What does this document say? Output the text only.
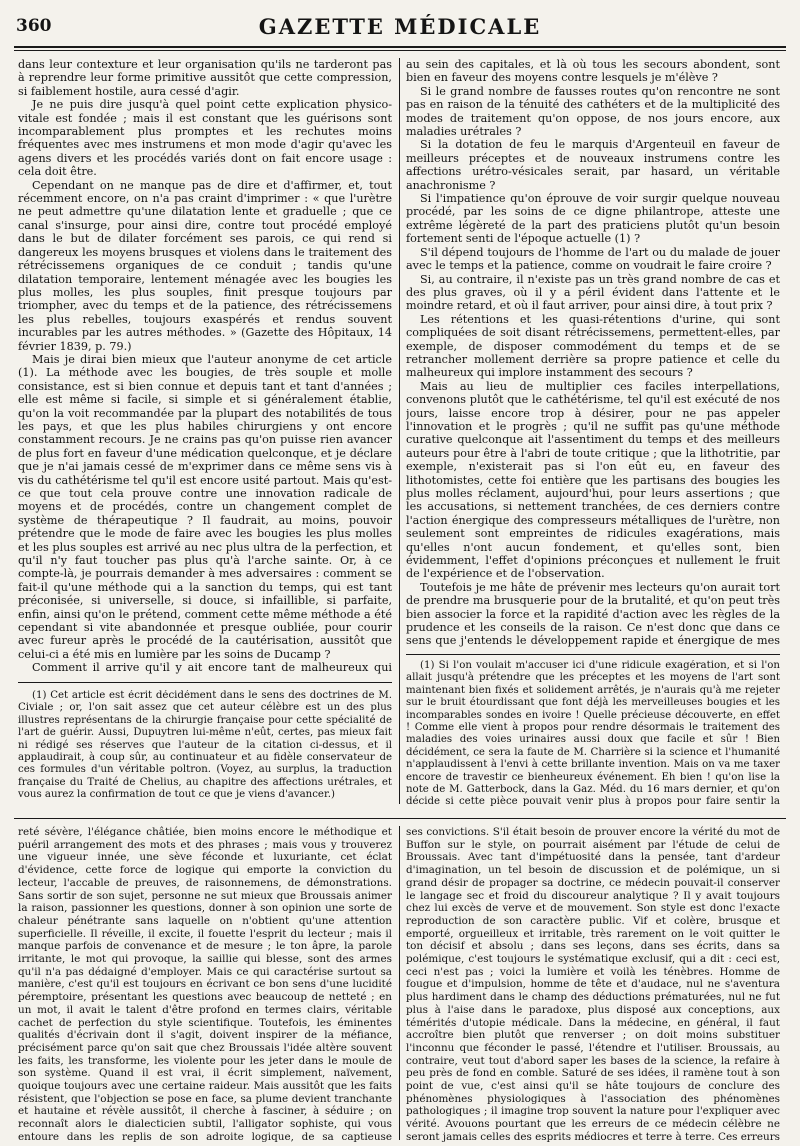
360	GAZETTE MÉDICALE

dans leur contexture et leur organisation qu'ils ne tarderont pas à reprendre leur forme primitive aussitôt que cette compression, si faiblement hostile, aura cessé d'agir.

Je ne puis dire jusqu'à quel point cette explication physico-vitale est fondée ; mais il est constant que les guérisons sont incomparablement plus promptes et les rechutes moins fréquentes avec mes instrumens et mon mode d'agir qu'avec les agens divers et les procédés variés dont on fait encore usage : cela doit être.

Cependant on ne manque pas de dire et d'affirmer, et, tout récemment encore, on n'a pas craint d'imprimer : « que l'urètre ne peut admettre qu'une dilatation lente et graduelle ; que ce canal s'insurge, pour ainsi dire, contre tout procédé employé dans le but de dilater forcément ses parois, ce qui rend si dangereux les moyens brusques et violens dans le traitement des rétrécissemens organiques de ce conduit ; tandis qu'une dilatation temporaire, lentement ménagée avec les bougies les plus molles, les plus souples, finit presque toujours par triompher, avec du temps et de la patience, des rétrécissemens les plus rebelles, toujours exaspérés et rendus souvent incurables par les autres méthodes. » (Gazette des Hôpitaux, 14 février 1839, p. 79.)

Mais je dirai bien mieux que l'auteur anonyme de cet article (1). La méthode avec les bougies, de très souple et molle consistance, est si bien connue et depuis tant et tant d'années ; elle est même si facile, si simple et si généralement établie, qu'on la voit recommandée par la plupart des notabilités de tous les pays, et que les plus habiles chirurgiens y ont encore constamment recours. Je ne crains pas qu'on puisse rien avancer de plus fort en faveur d'une médication quelconque, et je déclare que je n'ai jamais cessé de m'exprimer dans ce même sens vis à vis du cathétérisme tel qu'il est encore usité partout. Mais qu'est-ce que tout cela prouve contre une innovation radicale de moyens et de procédés, contre un changement complet de système de thérapeutique ? Il faudrait, au moins, pouvoir prétendre que le mode de faire avec les bougies les plus molles et les plus souples est arrivé au nec plus ultra de la perfection, et qu'il n'y faut toucher pas plus qu'à l'arche sainte. Or, à ce compte-là, je pourrais demander à mes adversaires : comment se fait-il qu'une méthode qui a la sanction du temps, qui est tant préconisée, si universelle, si douce, si infaillible, si parfaite, enfin, ainsi qu'on le prétend, comment cette même méthode a été cependant si vite abandonnée et presque oubliée, pour courir avec fureur après le procédé de la cautérisation, aussitôt que celui-ci a été mis en lumière par les soins de Ducamp ?

Comment il arrive qu'il y ait encore tant de malheureux qui

au sein des capitales, et là où tous les secours abondent, sont bien en faveur des moyens contre lesquels je m'élève ?

Si le grand nombre de fausses routes qu'on rencontre ne sont pas en raison de la ténuité des cathéters et de la multiplicité des modes de traitement qu'on oppose, de nos jours encore, aux maladies urétrales ?

Si la dotation de feu le marquis d'Argenteuil en faveur de meilleurs préceptes et de nouveaux instrumens contre les affections urétro-vésicales serait, par hasard, un véritable anachronisme ?

Si l'impatience qu'on éprouve de voir surgir quelque nouveau procédé, par les soins de ce digne philantrope, atteste une extrême légèreté de la part des praticiens plutôt qu'un besoin fortement senti de l'époque actuelle (1) ?

S'il dépend toujours de l'homme de l'art ou du malade de jouer avec le temps et la patience, comme on voudrait le faire croire ?

Si, au contraire, il n'existe pas un très grand nombre de cas et des plus graves, où il y a péril évident dans l'attente et le moindre retard, et où il faut arriver, pour ainsi dire, à tout prix ?

Les rétentions et les quasi-rétentions d'urine, qui sont compliquées de soit disant rétrécissemens, permettent-elles, par exemple, de disposer commodément du temps et de se retrancher mollement derrière sa propre patience et celle du malheureux qui implore instamment des secours ?

Mais au lieu de multiplier ces faciles interpellations, convenons plutôt que le cathétérisme, tel qu'il est exécuté de nos jours, laisse encore trop à désirer, pour ne pas appeler l'innovation et le progrès ; qu'il ne suffit pas qu'une méthode curative quelconque ait l'assentiment du temps et des meilleurs auteurs pour être à l'abri de toute critique ; que la lithotritie, par exemple, n'existerait pas si l'on eût eu, en faveur des lithotomistes, cette foi entière que les partisans des bougies les plus molles réclament, aujourd'hui, pour leurs assertions ; que les accusations, si nettement tranchées, de ces derniers contre l'action énergique des compresseurs métalliques de l'urètre, non seulement sont empreintes de ridicules exagérations, mais qu'elles n'ont aucun fondement, et qu'elles sont, bien évidemment, l'effet d'opinions préconçues et nullement le fruit de l'expérience et de l'observation.

Toutefois je me hâte de prévenir mes lecteurs qu'on aurait tort de prendre ma brusquerie pour de la brutalité, et qu'on peut très bien associer la force et la rapidité d'action avec les règles de la prudence et les conseils de la raison. Ce n'est donc que dans ce sens que j'entends le développement rapide et énergique de mes

(1) Cet article est écrit décidément dans le sens des doctrines de M. Civiale ; or, l'on sait assez que cet auteur célèbre est un des plus illustres représentans de la chirurgie française pour cette spécialité de l'art de guérir. Aussi, Dupuytren lui-même n'eût, certes, pas mieux fait ni rédigé ses réserves que l'auteur de la citation ci-dessus, et il applaudirait, à coup sûr, au continuateur et au fidèle conservateur de ces formules d'un véritable poltron. (Voyez, au surplus, la traduction française du Traité de Chelius, au chapitre des affections urétrales, et vous aurez la confirmation de tout ce que je viens d'avancer.)

(1) Si l'on voulait m'accuser ici d'une ridicule exagération, et si l'on allait jusqu'à prétendre que les préceptes et les moyens de l'art sont maintenant bien fixés et solidement arrêtés, je n'aurais qu'à me rejeter sur le bruit étourdissant que font déjà les merveilleuses bougies et les incomparables sondes en ivoire ! Quelle précieuse découverte, en effet ! Comme elle vient à propos pour rendre désormais le traitement des maladies des voies urinaires aussi doux que facile et sûr ! Bien décidément, ce sera la faute de M. Charrière si la science et l'humanité n'applaudissent à l'envi à cette brillante invention. Mais on va me taxer encore de travestir ce bienheureux événement. Eh bien ! qu'on lise la note de M. Gatterbock, dans la Gaz. Méd. du 16 mars dernier, et qu'on décide si cette pièce pouvait venir plus à propos pour faire sentir la

reté sévère, l'élégance châtiée, bien moins encore le méthodique et puéril arrangement des mots et des phrases ; mais vous y trouverez une vigueur innée, une sève féconde et luxuriante, cet éclat d'évidence, cette force de logique qui emporte la conviction du lecteur, l'accable de preuves, de raisonnemens, de démonstrations. Sans sortir de son sujet, personne ne sut mieux que Broussais animer la raison, passionner les questions, donner à son opinion une sorte de chaleur pénétrante sans laquelle on n'obtient qu'une attention superficielle. Il réveille, il excite, il fouette l'esprit du lecteur ; mais il manque parfois de convenance et de mesure ; le ton âpre, la parole irritante, le mot qui provoque, la saillie qui blesse, sont des armes qu'il n'a pas dédaigné d'employer. Mais ce qui caractérise surtout sa manière, c'est qu'il est toujours en écrivant ce bon sens d'une lucidité péremptoire, présentant les questions avec beaucoup de netteté ; en un mot, il avait le talent d'être profond en termes clairs, véritable cachet de perfection du style scientifique. Toutefois, les éminentes qualités d'écrivain dont il s'agit, doivent inspirer de la méfiance, précisément parce qu'on sait que chez Broussais l'idée altère souvent les faits, les transforme, les violente pour les jeter dans le moule de son système. Quand il est vrai, il écrit simplement, naïvement, quoique toujours avec une certaine raideur. Mais aussitôt que les faits résistent, que l'objection se pose en face, sa plume devient tranchante et hautaine et révèle aussitôt, il cherche à fasciner, à séduire ; on reconnaît alors le dialecticien subtil, l'alligator sophiste, qui vous entoure dans les replis de son adroite logique, de sa captieuse

ses convictions. S'il était besoin de prouver encore la vérité du mot de Buffon sur le style, on pourrait aisément par l'étude de celui de Broussais. Avec tant d'impétuosité dans la pensée, tant d'ardeur d'imagination, un tel besoin de discussion et de polémique, un si grand désir de propager sa doctrine, ce médecin pouvait-il conserver le langage sec et froid du discoureur analytique ? Il y avait toujours chez lui excès de verve et de mouvement. Son style est donc l'exacte reproduction de son caractère public. Vif et colère, brusque et emporté, orgueilleux et irritable, très rarement on le voit quitter le ton décisif et absolu ; dans ses leçons, dans ses écrits, dans sa polémique, c'est toujours le systématique exclusif, qui a dit : ceci est, ceci n'est pas ; voici la lumière et voilà les ténèbres. Homme de fougue et d'impulsion, homme de tête et d'audace, nul ne s'aventura plus hardiment dans le champ des déductions prématurées, nul ne fut plus à l'aise dans le paradoxe, plus disposé aux conceptions, aux témérités d'utopie médicale. Dans la médecine, en général, il faut accroître bien plutôt que renverser ; on doit moins substituer l'inconnu que féconder le passé, l'étendre et l'utiliser. Broussais, au contraire, veut tout d'abord saper les bases de la science, la refaire à peu près de fond en comble. Saturé de ses idées, il ramène tout à son point de vue, c'est ainsi qu'il se hâte toujours de conclure des phénomènes physiologiques à l'association des phénomènes pathologiques ; il imagine trop souvent la nature pour l'expliquer avec vérité. Avouons pourtant que les erreurs de ce médecin célèbre ne seront jamais celles des esprits médiocres et terre à terre. Ces erreurs
